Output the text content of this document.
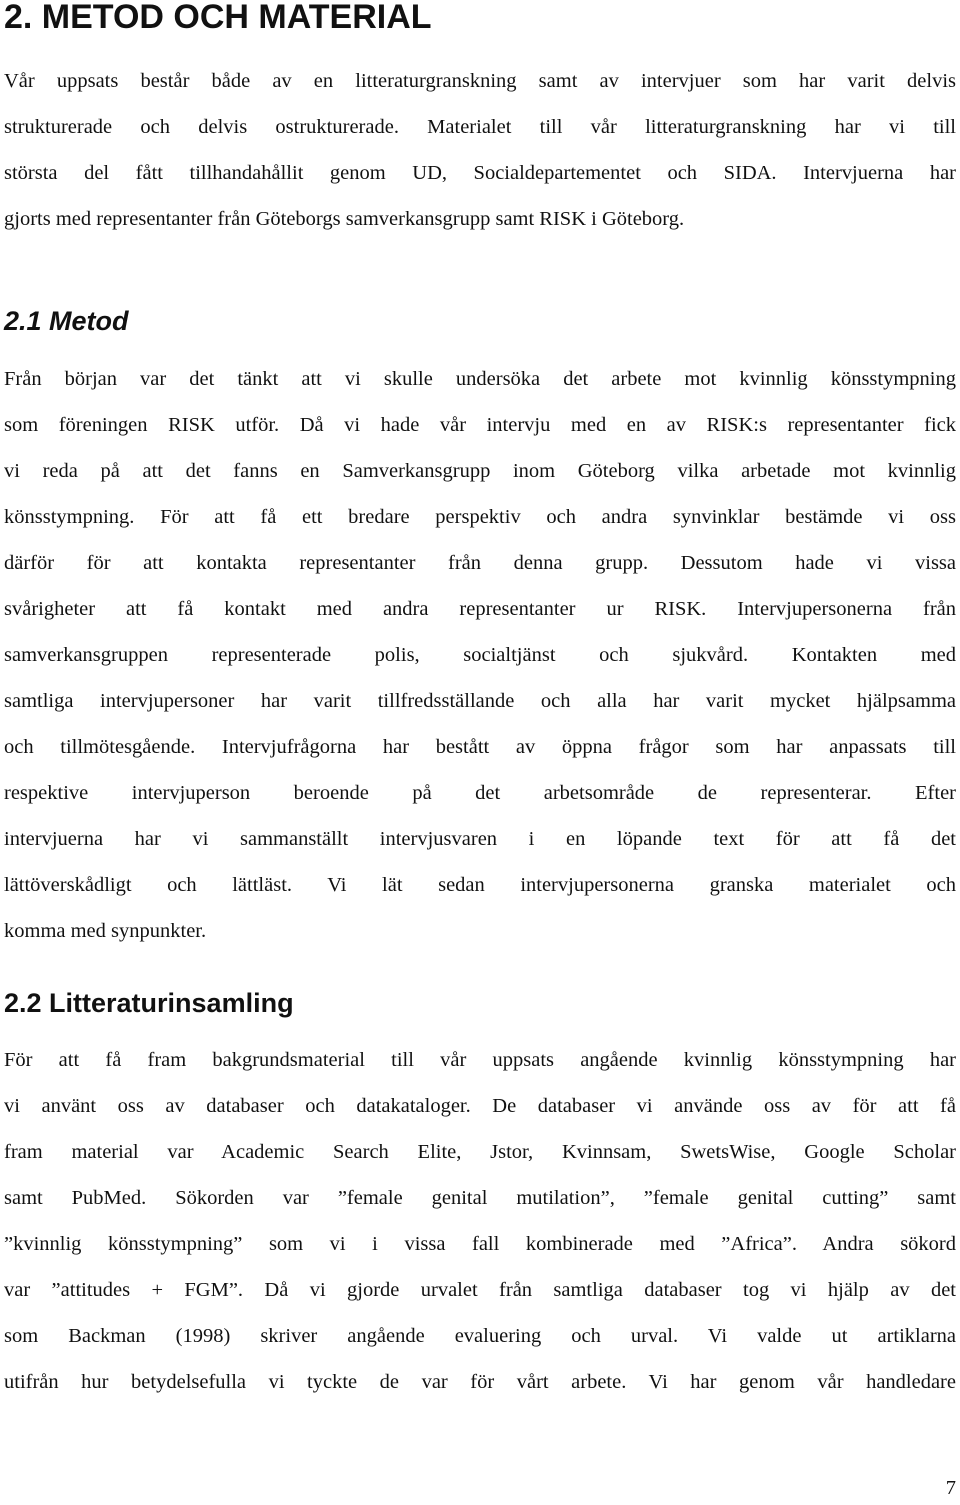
2. METOD OCH MATERIAL
Vår uppsats består både av en litteraturgranskning samt av intervjuer som har varit delvis
strukturerade och delvis ostrukturerade. Materialet till vår litteraturgranskning har vi till
största del fått tillhandahållit genom UD, Socialdepartementet och SIDA. Intervjuerna har
gjorts med representanter från Göteborgs samverkansgrupp samt RISK i Göteborg.
2.1 Metod
Från början var det tänkt att vi skulle undersöka det arbete mot kvinnlig könsstympning
som föreningen RISK utför. Då vi hade vår intervju med en av RISK:s representanter fick
vi reda på att det fanns en Samverkansgrupp inom Göteborg vilka arbetade mot kvinnlig
könsstympning. För att få ett bredare perspektiv och andra synvinklar bestämde vi oss
därför för att kontakta representanter från denna grupp. Dessutom hade vi vissa
svårigheter att få kontakt med andra representanter ur RISK. Intervjupersonerna från
samverkansgruppen representerade polis, socialtjänst och sjukvård. Kontakten med
samtliga intervjupersoner har varit tillfredsställande och alla har varit mycket hjälpsamma
och tillmötesgående. Intervjufrågorna har bestått av öppna frågor som har anpassats till
respektive intervjuperson beroende på det arbetsområde de representerar. Efter
intervjuerna har vi sammanställt intervjusvaren i en löpande text för att få det
lättöverskådligt och lättläst. Vi lät sedan intervjupersonerna granska materialet och
komma med synpunkter.
2.2 Litteraturinsamling
För att få fram bakgrundsmaterial till vår uppsats angående kvinnlig könsstympning har
vi använt oss av databaser och datakataloger. De databaser vi använde oss av för att få
fram material var Academic Search Elite, Jstor, Kvinnsam, SwetsWise, Google Scholar
samt PubMed. Sökorden var ”female genital mutilation”, ”female genital cutting” samt
”kvinnlig könsstympning” som vi i vissa fall kombinerade med ”Africa”. Andra sökord
var ”attitudes + FGM”. Då vi gjorde urvalet från samtliga databaser tog vi hjälp av det
som Backman (1998) skriver angående evaluering och urval. Vi valde ut artiklarna
utifrån hur betydelsefulla vi tyckte de var för vårt arbete. Vi har genom vår handledare
7
